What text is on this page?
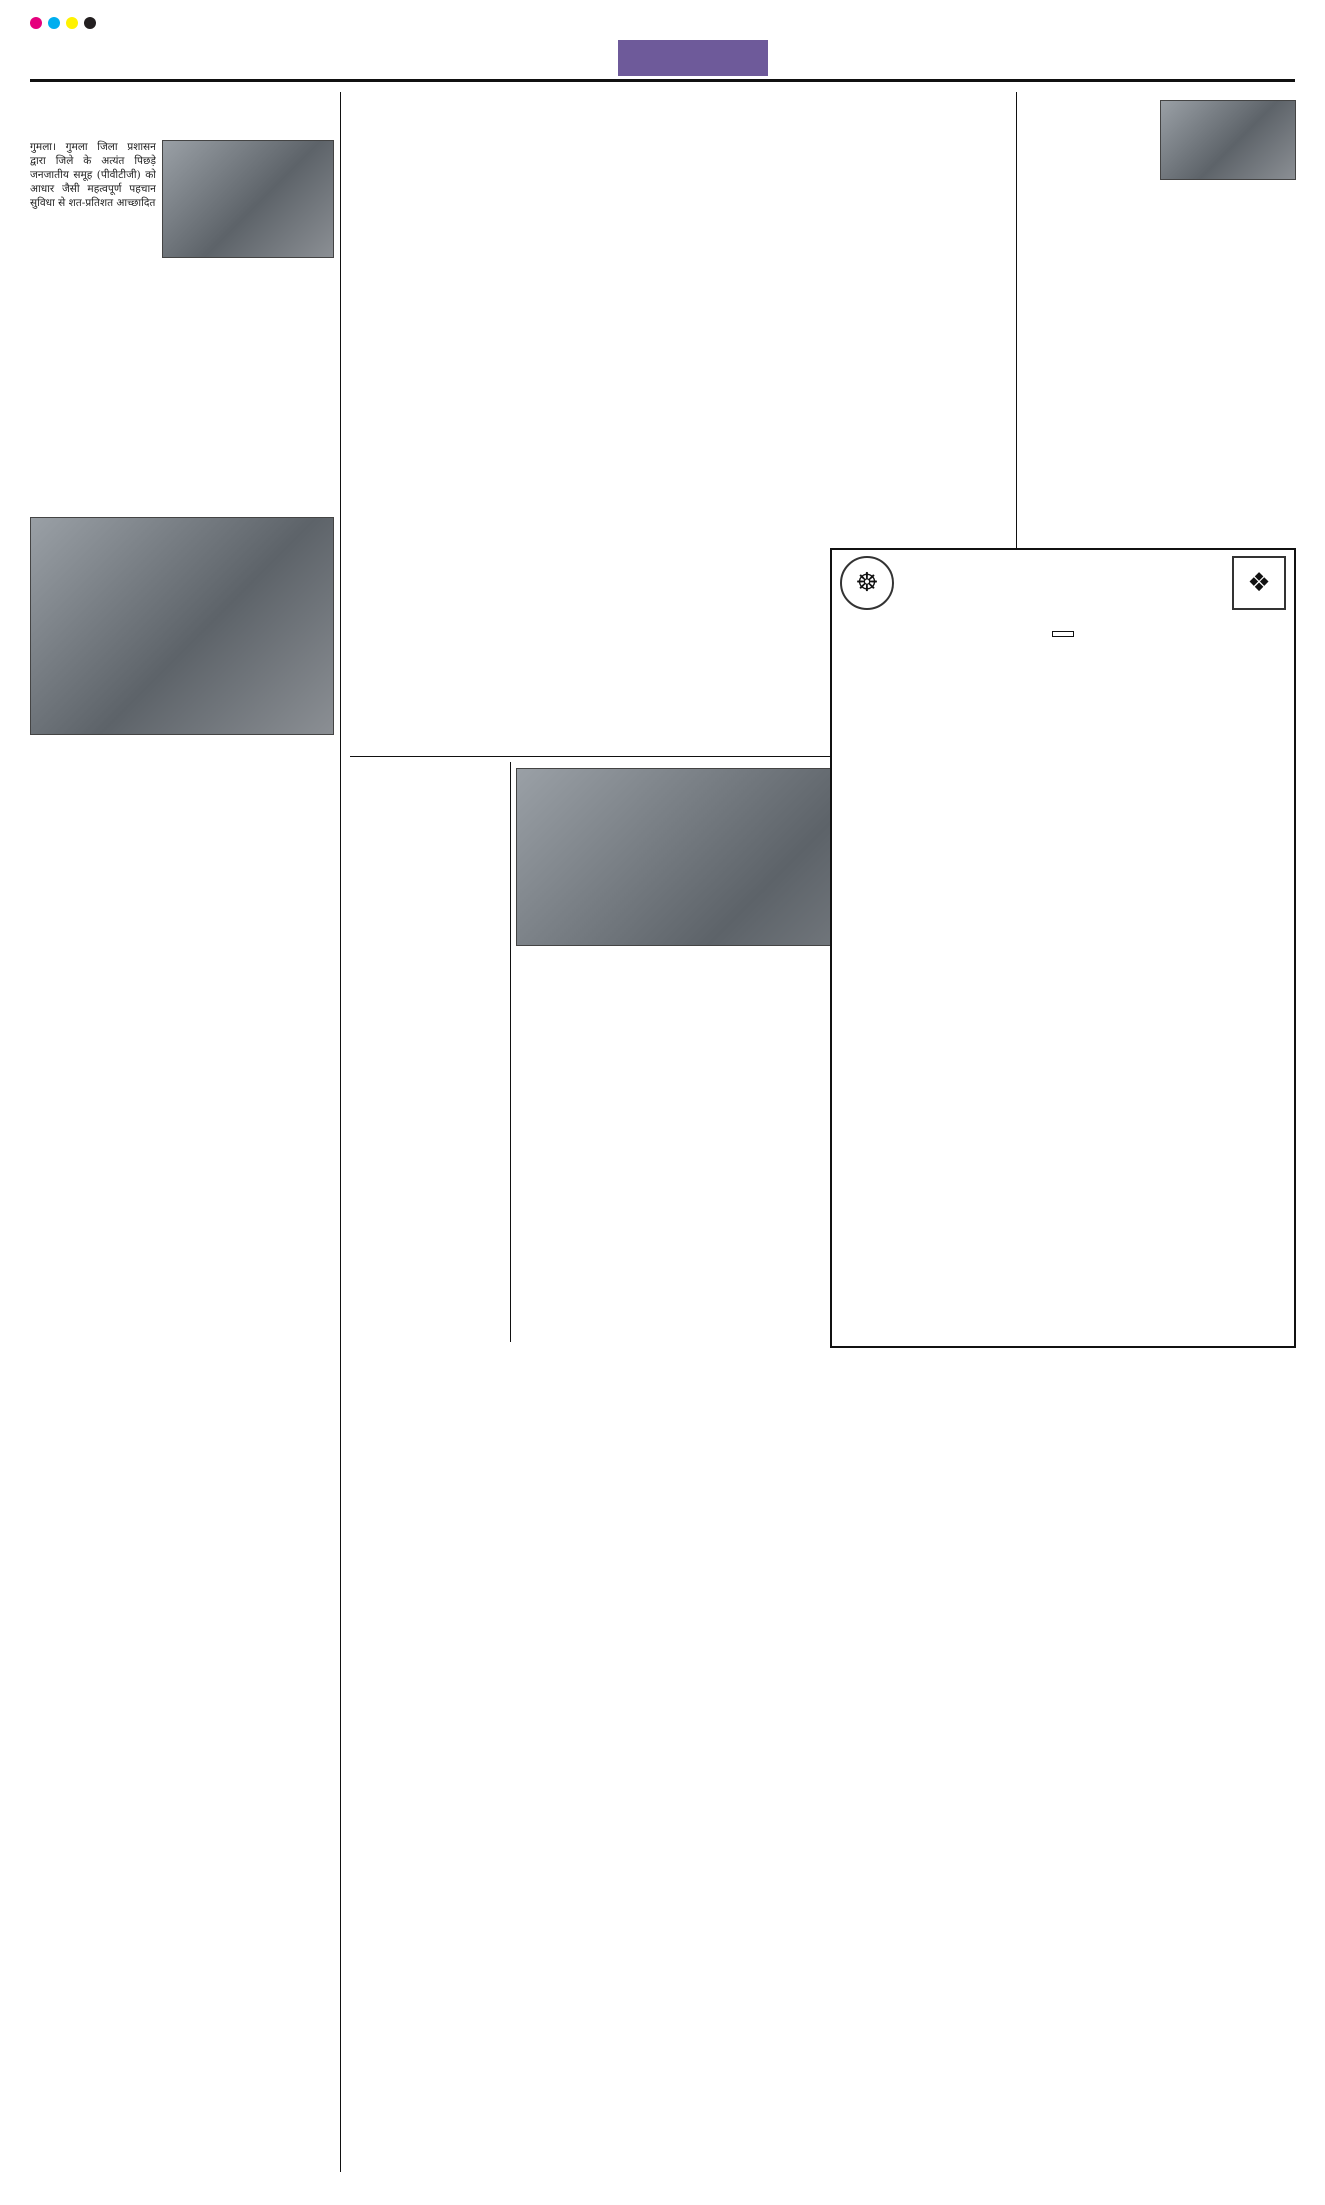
गुमला। गुमला जिला प्रशासन द्वारा जिले के अत्यंत पिछड़े जनजातीय समूह (पीवीटीजी) को आधार जैसी महत्वपूर्ण पहचान सुविधा से शत-प्रतिशत आच्छादित
☸	❖
